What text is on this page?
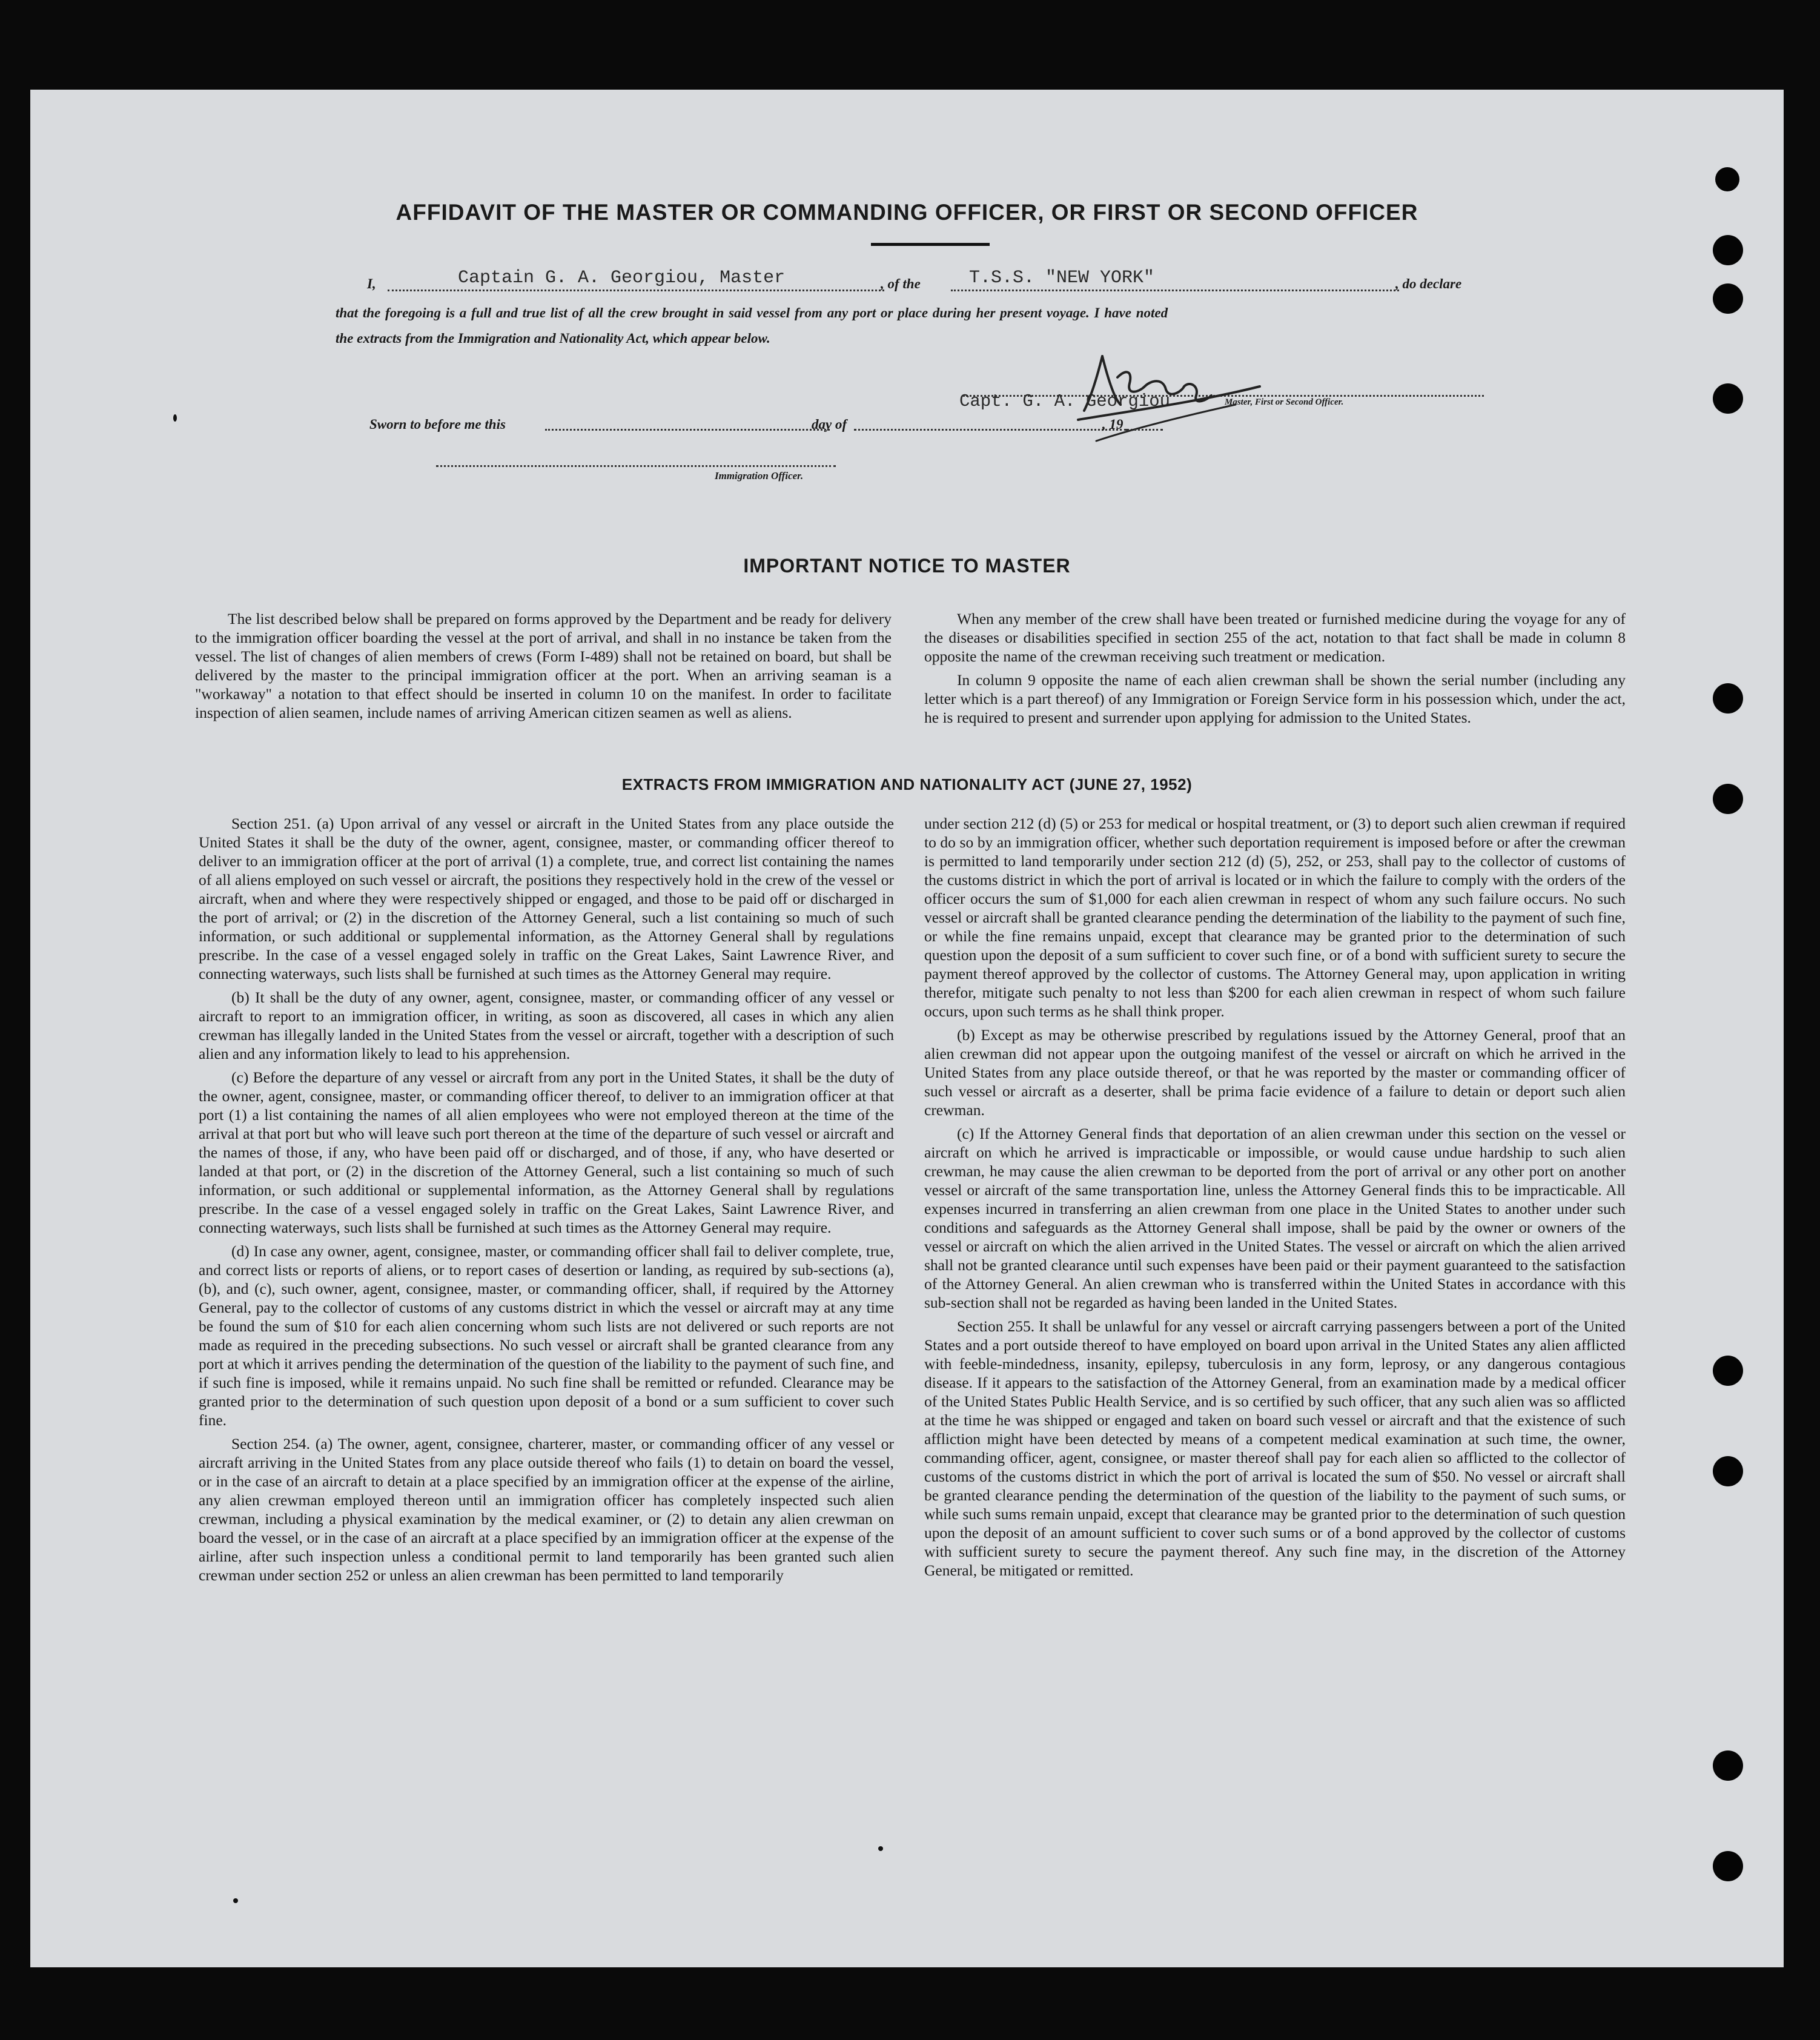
AFFIDAVIT OF THE MASTER OR COMMANDING OFFICER, OR FIRST OR SECOND OFFICER
I,	Captain G. A. Georgiou, Master	, of the	T.S.S. "NEW YORK"	, do declare
that the foregoing is a full and true list of all the crew brought in said vessel from any port or place during her present voyage. I have noted
the extracts from the Immigration and Nationality Act, which appear below.
Capt. G. A. Georgiou	Master, First or Second Officer.
Sworn to before me this	day of	, 19
Immigration Officer.
IMPORTANT NOTICE TO MASTER

The list described below shall be prepared on forms approved by the Department and be ready for delivery to the immigration officer boarding the vessel at the port of arrival, and shall in no instance be taken from the vessel. The list of changes of alien members of crews (Form I-489) shall not be retained on board, but shall be delivered by the master to the principal immigration officer at the port. When an arriving seaman is a "workaway" a notation to that effect should be inserted in column 10 on the manifest. In order to facilitate inspection of alien seamen, include names of arriving American citizen seamen as well as aliens.

When any member of the crew shall have been treated or furnished medicine during the voyage for any of the diseases or disabilities specified in section 255 of the act, notation to that fact shall be made in column 8 opposite the name of the crewman receiving such treatment or medication.

In column 9 opposite the name of each alien crewman shall be shown the serial number (including any letter which is a part thereof) of any Immigration or Foreign Service form in his possession which, under the act, he is required to present and surrender upon applying for admission to the United States.

EXTRACTS FROM IMMIGRATION AND NATIONALITY ACT (JUNE 27, 1952)

Section 251. (a) Upon arrival of any vessel or aircraft in the United States from any place outside the United States it shall be the duty of the owner, agent, consignee, master, or commanding officer thereof to deliver to an immigration officer at the port of arrival (1) a complete, true, and correct list containing the names of all aliens employed on such vessel or aircraft, the positions they respectively hold in the crew of the vessel or aircraft, when and where they were respectively shipped or engaged, and those to be paid off or discharged in the port of arrival; or (2) in the discretion of the Attorney General, such a list containing so much of such information, or such additional or supplemental information, as the Attorney General shall by regulations prescribe. In the case of a vessel engaged solely in traffic on the Great Lakes, Saint Lawrence River, and connecting waterways, such lists shall be furnished at such times as the Attorney General may require.

(b) It shall be the duty of any owner, agent, consignee, master, or commanding officer of any vessel or aircraft to report to an immigration officer, in writing, as soon as discovered, all cases in which any alien crewman has illegally landed in the United States from the vessel or aircraft, together with a description of such alien and any information likely to lead to his apprehension.

(c) Before the departure of any vessel or aircraft from any port in the United States, it shall be the duty of the owner, agent, consignee, master, or commanding officer thereof, to deliver to an immigration officer at that port (1) a list containing the names of all alien employees who were not employed thereon at the time of the arrival at that port but who will leave such port thereon at the time of the departure of such vessel or aircraft and the names of those, if any, who have been paid off or discharged, and of those, if any, who have deserted or landed at that port, or (2) in the discretion of the Attorney General, such a list containing so much of such information, or such additional or supplemental information, as the Attorney General shall by regulations prescribe. In the case of a vessel engaged solely in traffic on the Great Lakes, Saint Lawrence River, and connecting waterways, such lists shall be furnished at such times as the Attorney General may require.

(d) In case any owner, agent, consignee, master, or commanding officer shall fail to deliver complete, true, and correct lists or reports of aliens, or to report cases of desertion or landing, as required by sub-sections (a), (b), and (c), such owner, agent, consignee, master, or commanding officer, shall, if required by the Attorney General, pay to the collector of customs of any customs district in which the vessel or aircraft may at any time be found the sum of $10 for each alien concerning whom such lists are not delivered or such reports are not made as required in the preceding subsections. No such vessel or aircraft shall be granted clearance from any port at which it arrives pending the determination of the question of the liability to the payment of such fine, and if such fine is imposed, while it remains unpaid. No such fine shall be remitted or refunded. Clearance may be granted prior to the determination of such question upon deposit of a bond or a sum sufficient to cover such fine.

Section 254. (a) The owner, agent, consignee, charterer, master, or commanding officer of any vessel or aircraft arriving in the United States from any place outside thereof who fails (1) to detain on board the vessel, or in the case of an aircraft to detain at a place specified by an immigration officer at the expense of the airline, any alien crewman employed thereon until an immigration officer has completely inspected such alien crewman, including a physical examination by the medical examiner, or (2) to detain any alien crewman on board the vessel, or in the case of an aircraft at a place specified by an immigration officer at the expense of the airline, after such inspection unless a conditional permit to land temporarily has been granted such alien crewman under section 252 or unless an alien crewman has been permitted to land temporarily

under section 212 (d) (5) or 253 for medical or hospital treatment, or (3) to deport such alien crewman if required to do so by an immigration officer, whether such deportation requirement is imposed before or after the crewman is permitted to land temporarily under section 212 (d) (5), 252, or 253, shall pay to the collector of customs of the customs district in which the port of arrival is located or in which the failure to comply with the orders of the officer occurs the sum of $1,000 for each alien crewman in respect of whom any such failure occurs. No such vessel or aircraft shall be granted clearance pending the determination of the liability to the payment of such fine, or while the fine remains unpaid, except that clearance may be granted prior to the determination of such question upon the deposit of a sum sufficient to cover such fine, or of a bond with sufficient surety to secure the payment thereof approved by the collector of customs. The Attorney General may, upon application in writing therefor, mitigate such penalty to not less than $200 for each alien crewman in respect of whom such failure occurs, upon such terms as he shall think proper.

(b) Except as may be otherwise prescribed by regulations issued by the Attorney General, proof that an alien crewman did not appear upon the outgoing manifest of the vessel or aircraft on which he arrived in the United States from any place outside thereof, or that he was reported by the master or commanding officer of such vessel or aircraft as a deserter, shall be prima facie evidence of a failure to detain or deport such alien crewman.

(c) If the Attorney General finds that deportation of an alien crewman under this section on the vessel or aircraft on which he arrived is impracticable or impossible, or would cause undue hardship to such alien crewman, he may cause the alien crewman to be deported from the port of arrival or any other port on another vessel or aircraft of the same transportation line, unless the Attorney General finds this to be impracticable. All expenses incurred in transferring an alien crewman from one place in the United States to another under such conditions and safeguards as the Attorney General shall impose, shall be paid by the owner or owners of the vessel or aircraft on which the alien arrived in the United States. The vessel or aircraft on which the alien arrived shall not be granted clearance until such expenses have been paid or their payment guaranteed to the satisfaction of the Attorney General. An alien crewman who is transferred within the United States in accordance with this sub-section shall not be regarded as having been landed in the United States.

Section 255. It shall be unlawful for any vessel or aircraft carrying passengers between a port of the United States and a port outside thereof to have employed on board upon arrival in the United States any alien afflicted with feeble-mindedness, insanity, epilepsy, tuberculosis in any form, leprosy, or any dangerous contagious disease. If it appears to the satisfaction of the Attorney General, from an examination made by a medical officer of the United States Public Health Service, and is so certified by such officer, that any such alien was so afflicted at the time he was shipped or engaged and taken on board such vessel or aircraft and that the existence of such affliction might have been detected by means of a competent medical examination at such time, the owner, commanding officer, agent, consignee, or master thereof shall pay for each alien so afflicted to the collector of customs of the customs district in which the port of arrival is located the sum of $50. No vessel or aircraft shall be granted clearance pending the determination of the question of the liability to the payment of such sums, or while such sums remain unpaid, except that clearance may be granted prior to the determination of such question upon the deposit of an amount sufficient to cover such sums or of a bond approved by the collector of customs with sufficient surety to secure the payment thereof. Any such fine may, in the discretion of the Attorney General, be mitigated or remitted.
